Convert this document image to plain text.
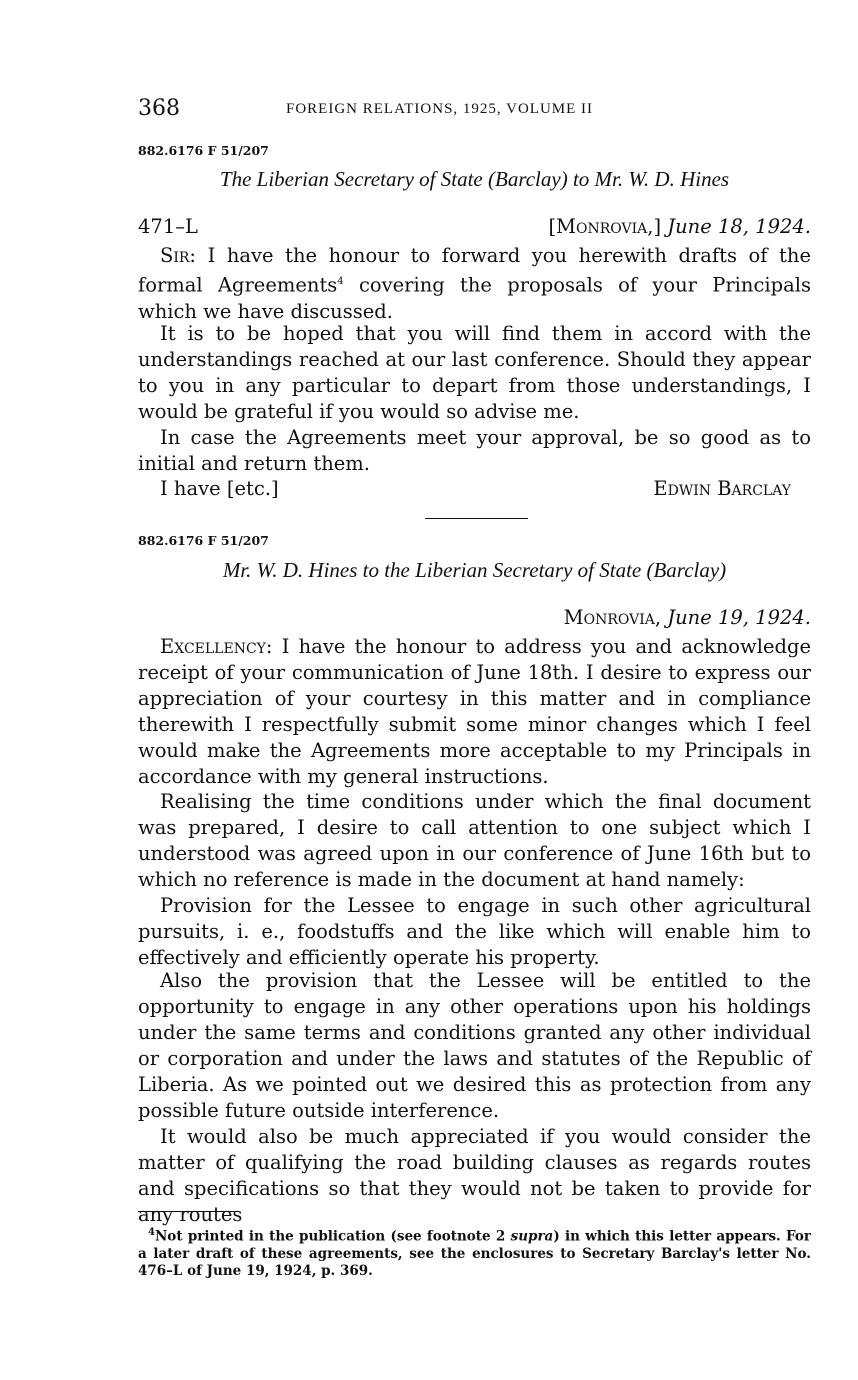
368	FOREIGN RELATIONS, 1925, VOLUME II
882.6176 F 51/207
The Liberian Secretary of State (Barclay) to Mr. W. D. Hines
471–L	[Monrovia,] June 18, 1924.
Sir: I have the honour to forward you herewith drafts of the formal Agreements$^4$ covering the proposals of your Principals which we have discussed.
It is to be hoped that you will find them in accord with the understandings reached at our last conference. Should they appear to you in any particular to depart from those understandings, I would be grateful if you would so advise me.
In case the Agreements meet your approval, be so good as to initial and return them.
I have [etc.]	Edwin Barclay
882.6176 F 51/207
Mr. W. D. Hines to the Liberian Secretary of State (Barclay)
Monrovia, June 19, 1924.
Excellency: I have the honour to address you and acknowledge receipt of your communication of June 18th. I desire to express our appreciation of your courtesy in this matter and in compliance therewith I respectfully submit some minor changes which I feel would make the Agreements more acceptable to my Principals in accordance with my general instructions.
Realising the time conditions under which the final document was prepared, I desire to call attention to one subject which I understood was agreed upon in our conference of June 16th but to which no reference is made in the document at hand namely:
Provision for the Lessee to engage in such other agricultural pursuits, i. e., foodstuffs and the like which will enable him to effectively and efficiently operate his property.
Also the provision that the Lessee will be entitled to the opportunity to engage in any other operations upon his holdings under the same terms and conditions granted any other individual or corporation and under the laws and statutes of the Republic of Liberia. As we pointed out we desired this as protection from any possible future outside interference.
It would also be much appreciated if you would consider the matter of qualifying the road building clauses as regards routes and specifications so that they would not be taken to provide for any routes
$^4$Not printed in the publication (see footnote 2 supra) in which this letter appears. For a later draft of these agreements, see the enclosures to Secretary Barclay's letter No. 476–L of June 19, 1924, p. 369.
